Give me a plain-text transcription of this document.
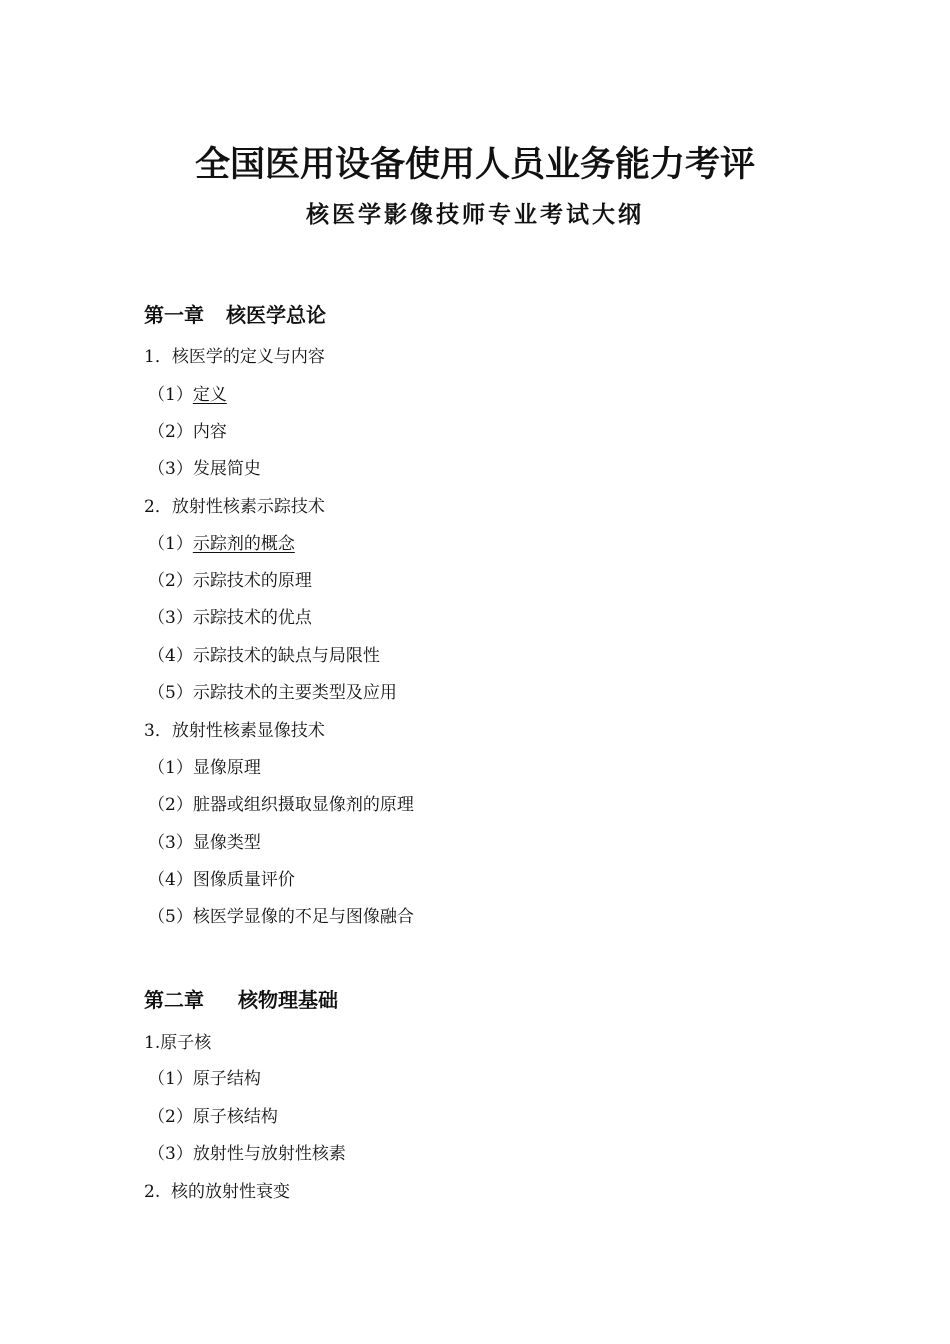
全国医用设备使用人员业务能力考评
核医学影像技师专业考试大纲
第一章 核医学总论
1．核医学的定义与内容
（1）定义
（2）内容
（3）发展简史
2．放射性核素示踪技术
（1）示踪剂的概念
（2）示踪技术的原理
（3）示踪技术的优点
（4）示踪技术的缺点与局限性
（5）示踪技术的主要类型及应用
3．放射性核素显像技术
（1）显像原理
（2）脏器或组织摄取显像剂的原理
（3）显像类型
（4）图像质量评价
（5）核医学显像的不足与图像融合
第二章 核物理基础
1.原子核
（1）原子结构
（2）原子核结构
（3）放射性与放射性核素
2.  核的放射性衰变
